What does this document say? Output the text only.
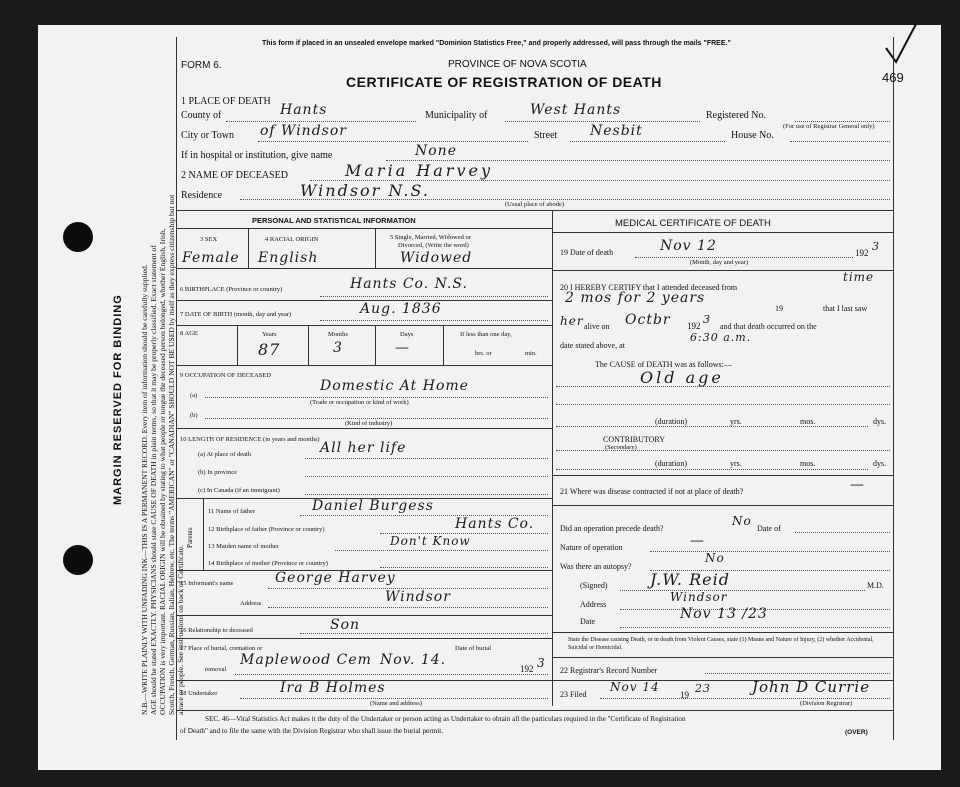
MARGIN RESERVED FOR BINDING N.B.—WRITE PLAINLY WITH UNFADING INK—THIS IS A PERMANENT RECORD. Every item of information should be carefully supplied. AGE should be stated EXACTLY. PHYSICIANS should state CAUSE OF DEATH in plain terms, so that it may be properly classified. Exact statement of OCCUPATION is very important. RACIAL ORIGIN will be obtained by stating to what people or tongue the deceased person belonged, whether English, Irish, Scotch, French, German, Russian, Italian, Hebrew, etc. The terms "AMERICAN" or "CANADIAN" SHOULD NOT BE USED by itself as they express citizenship but not a race or people. See instructions on back of Certificate.
This form if placed in an unsealed envelope marked "Dominion Statistics Free," and properly addressed, will pass through the mails "FREE."
FORM 6.	PROVINCE OF NOVA SCOTIA
CERTIFICATE OF REGISTRATION OF DEATH	469
1 PLACE OF DEATH
County of	Hants	Municipality of	West Hants	Registered No.
(For use of Registrar General only)
City or Town of Windsor	Street Nesbit	House No.
If in hospital or institution, give name	None
2 NAME OF DECEASED	Maria Harvey
Residence	Windsor N.S.
(Usual place of abode)
PERSONAL AND STATISTICAL INFORMATION
3 SEX	4 RACIAL ORIGIN	5 Single, Married, Widowed or
Divorced, (Write the word)
Female English	Widowed
6 BIRTHPLACE (Province or country)	Hants Co. N.S.
7 DATE OF BIRTH (month, day and year)	Aug. 1836
8 AGE	Years	Months	Days	If less than one day,
87	3	—	hrs. or	min.
9 OCCUPATION OF DECEASED
(a)
Domestic At Home
(Trade or occupation or kind of work)
(b)
(Kind of industry)
10 LENGTH OF RESIDENCE (in years and months)
(a) At place of death	All her life
(b) In province
(c) In Canada (if an immigrant)
Parents
11 Name of father	Daniel Burgess
12 Birthplace of father (Province or country)	Hants Co.
13 Maiden name of mother	Don't Know
14 Birthplace of mother (Province or country)
15 Informant's name	George Harvey
Address	Windsor
16 Relationship to deceased	Son
17 Place of burial, cremation or	Date of burial
removal
Maplewood Cem Nov. 14.
192 3
18 Undertaker	Ira B Holmes
(Name and address)
MEDICAL CERTIFICATE OF DEATH
19 Date of death	Nov 12	192 3
(Month, day and year)
20 I HEREBY CERTIFY that I attended deceased from
time
2 mos for 2 years
19	that I last saw
her alive on Octbr 192 3
and that death occurred on the
date stated above, at
6:30 a.m.
The CAUSE of DEATH was as follows:—
Old age
(duration)	yrs.	mos.	dys.
CONTRIBUTORY
(Secondary)
(duration)	yrs.	mos.	dys.
21 Where was disease contracted if not at place of death?	—
Did an operation precede death?
No
Date of
Nature of operation	—
Was there an autopsy?
No
(Signed)	J.W. Reid	M.D.
Address
Windsor
Date	Nov 13 /23
State the Disease causing Death, or in death from Violent Causes, state (1) Means and Nature of Injury, (2) whether Accidental, Suicidal or Homicidal.
22 Registrar's Record Number
23 Filed
Nov 14
19 23	John D Currie
(Division Registrar)
SEC. 46—Vital Statistics Act makes it the duty of the Undertaker or person acting as Undertaker to obtain all the particulars required in the "Certificate of Registration
of Death" and to file the same with the Division Registrar who shall issue the burial permit.	(OVER)
